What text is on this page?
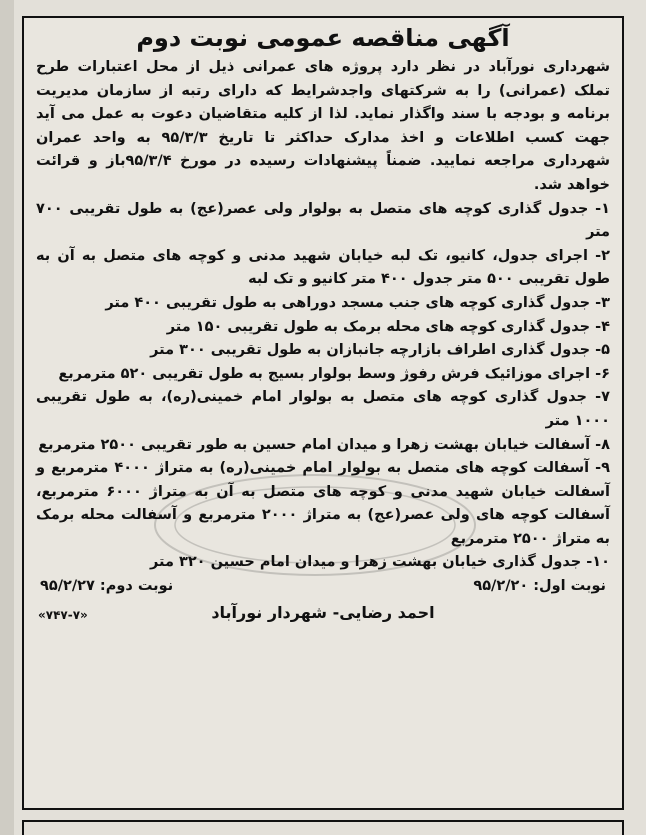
آگهی مناقصه عمومی نوبت دوم

شهرداری نورآباد در نظر دارد پروژه های عمرانی ذیل از محل اعتبارات طرح تملک (عمرانی) را به شرکتهای واجدشرایط که دارای رتبه از سازمان مدیریت برنامه و بودجه با سند واگذار نماید. لذا از کلیه متقاضیان دعوت به عمل می آید جهت کسب اطلاعات و اخذ مدارک حداکثر تا تاریخ ۹۵/۳/۳ به واحد عمران شهرداری مراجعه نمایید. ضمناً پیشنهادات رسیده در مورخ ۹۵/۳/۴باز و قرائت خواهد شد.

۱- جدول گذاری کوچه های متصل به بولوار ولی عصر(عج) به طول تقریبی ۷۰۰ متر
۲- اجرای جدول، کانیو، تک لبه خیابان شهید مدنی و کوچه های متصل به آن به طول تقریبی ۵۰۰ متر جدول ۴۰۰ متر کانیو و تک لبه
۳- جدول گذاری کوچه های جنب مسجد دوراهی به طول تقریبی ۴۰۰ متر
۴- جدول گذاری کوچه های محله برمک به طول تقریبی ۱۵۰ متر
۵- جدول گذاری اطراف بازارچه جانبازان به طول تقریبی ۳۰۰ متر
۶- اجرای موزائیک فرش رفوژ وسط بولوار بسیج به طول تقریبی ۵۲۰ مترمربع
۷- جدول گذاری کوچه های متصل به بولوار امام خمینی(ره)، به طول تقریبی ۱۰۰۰ متر
۸- آسفالت خیابان بهشت زهرا و میدان امام حسین به طور تقریبی ۲۵۰۰ مترمربع
۹- آسفالت کوچه های متصل به بولوار امام خمینی(ره) به متراژ ۴۰۰۰ مترمربع و آسفالت خیابان شهید مدنی و کوچه های متصل به آن به متراژ ۶۰۰۰ مترمربع، آسفالت کوچه های ولی عصر(عج) به متراژ ۲۰۰۰ مترمربع و آسفالت محله برمک به متراژ ۲۵۰۰ مترمربع
۱۰- جدول گذاری خیابان بهشت زهرا و میدان امام حسین ۳۲۰ متر
نوبت اول: ۹۵/۲/۲۰
نوبت دوم: ۹۵/۲/۲۷
احمد رضایی- شهردار نورآباد
«۷۴۷-۷»
